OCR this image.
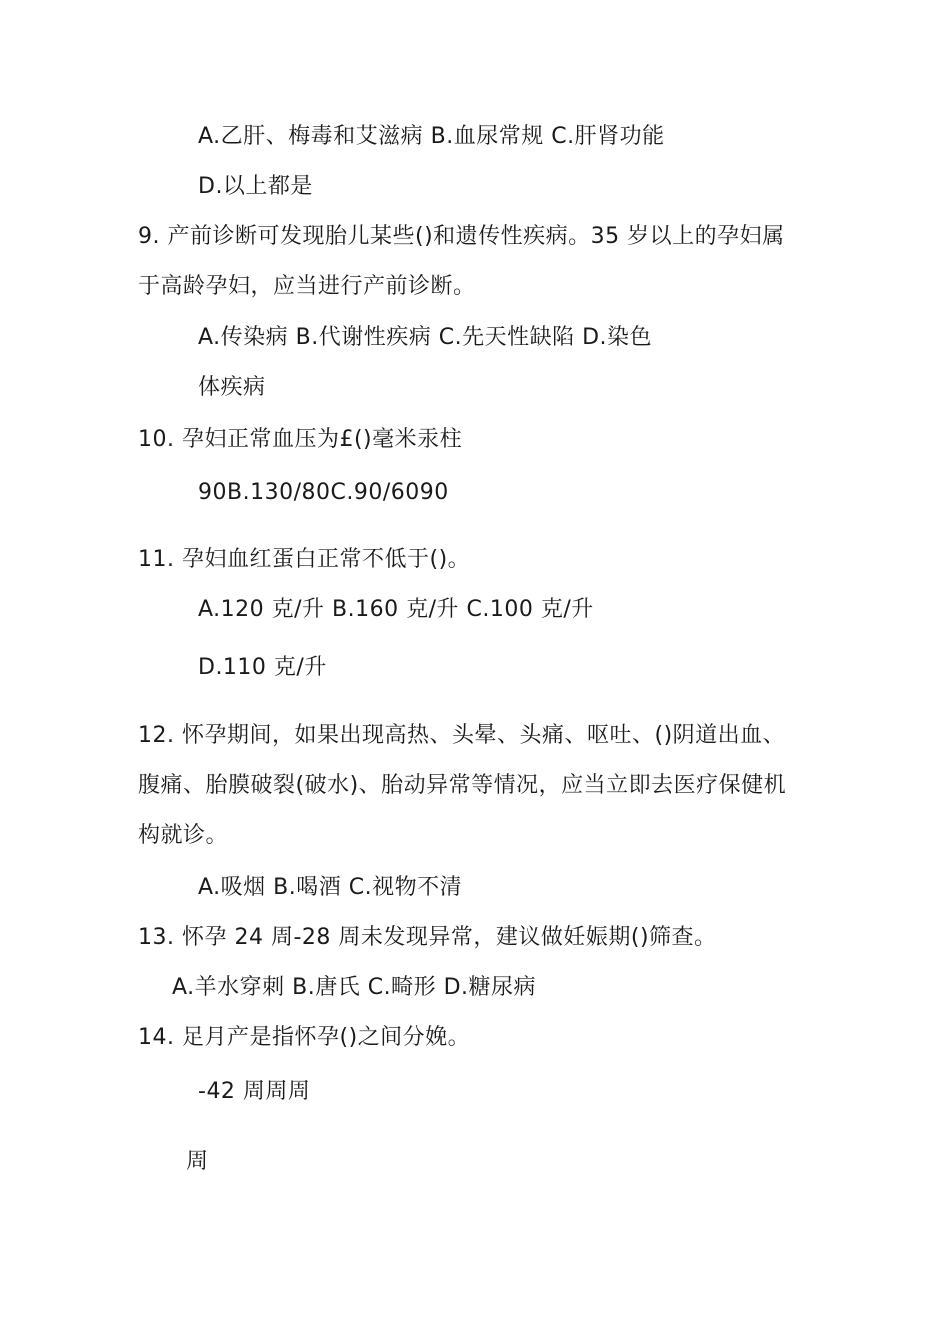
A.乙肝、梅毒和艾滋病 B.血尿常规 C.肝肾功能
D.以上都是
9. 产前诊断可发现胎儿某些()和遗传性疾病。35 岁以上的孕妇属
于高龄孕妇，应当进行产前诊断。
A.传染病 B.代谢性疾病 C.先天性缺陷 D.染色
体疾病
10. 孕妇正常血压为£()毫米汞柱
90B.130/80C.90/6090
11. 孕妇血红蛋白正常不低于()。
A.120 克/升 B.160 克/升 C.100 克/升
D.110 克/升
12. 怀孕期间，如果出现高热、头晕、头痛、呕吐、()阴道出血、
腹痛、胎膜破裂(破水)、胎动异常等情况，应当立即去医疗保健机
构就诊。
A.吸烟 B.喝酒 C.视物不清
13. 怀孕 24 周-28 周未发现异常，建议做妊娠期()筛查。
A.羊水穿刺 B.唐氏 C.畸形 D.糖尿病
14. 足月产是指怀孕()之间分娩。
-42 周周周
周
